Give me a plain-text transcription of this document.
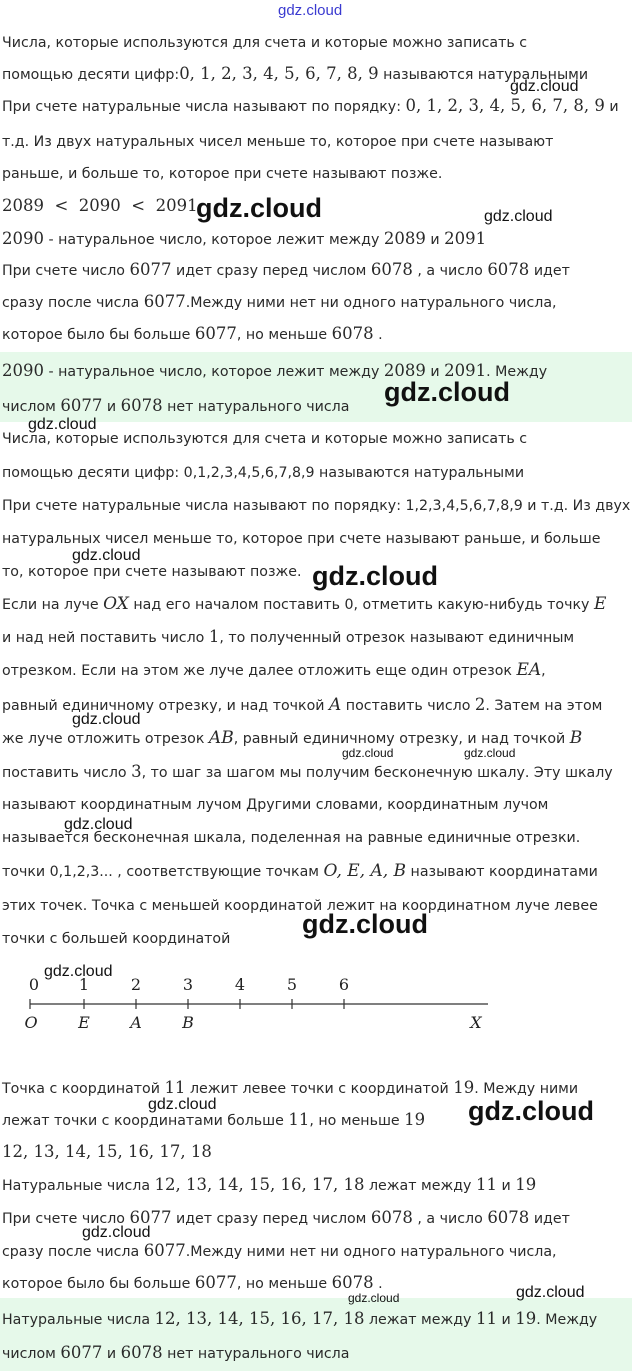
gdz.cloud
Числа, которые используются для счета и которые можно записать с
помощью десяти цифр:0, 1, 2, 3, 4, 5, 6, 7, 8, 9 называются натуральными
При счете натуральные числа называют по порядку: 0, 1, 2, 3, 4, 5, 6, 7, 8, 9 и
т.д. Из двух натуральных чисел меньше то, которое при счете называют
раньше, и больше то, которое при счете называют позже.
2089  <  2090  <  2091
2090 - натуральное число, которое лежит между 2089 и 2091
При счете число 6077 идет сразу перед числом 6078 , а число 6078 идет
сразу после числа 6077.Между ними нет ни одного натурального числа,
которое было бы больше 6077, но меньше 6078 .
2090 - натуральное число, которое лежит между 2089 и 2091. Между
числом 6077 и 6078 нет натурального числа
Числа, которые используются для счета и которые можно записать с
помощью десяти цифр: 0,1,2,3,4,5,6,7,8,9 называются натуральными
При счете натуральные числа называют по порядку: 1,2,3,4,5,6,7,8,9 и т.д. Из двух
натуральных чисел меньше то, которое при счете называют раньше, и больше
то, которое при счете называют позже.
Если на луче OX над его началом поставить 0, отметить какую-нибудь точку E
и над ней поставить число 1, то полученный отрезок называют единичным
отрезком. Если на этом же луче далее отложить еще один отрезок EA,
равный единичному отрезку, и над точкой A поставить число 2. Затем на этом
же луче отложить отрезок AB, равный единичному отрезку, и над точкой B
поставить число 3, то шаг за шагом мы получим бесконечную шкалу. Эту шкалу
называют координатным лучом Другими словами, координатным лучом
называется бесконечная шкала, поделенная на равные единичные отрезки.
точки 0,1,2,3... , соответствующие точкам O, E, A, B называют координатами
этих точек. Точка с меньшей координатой лежит на координатном луче левее
точки с большей координатой
0 1	2	3	4	5	6
O	E	A	B	X
Точка с координатой 11 лежит левее точки с координатой 19. Между ними
лежат точки с координатами больше 11, но меньше 19
12, 13, 14, 15, 16, 17, 18
Натуральные числа 12, 13, 14, 15, 16, 17, 18 лежат между 11 и 19
При счете число 6077 идет сразу перед числом 6078 , а число 6078 идет
сразу после числа 6077.Между ними нет ни одного натурального числа,
которое было бы больше 6077, но меньше 6078 .
Натуральные числа 12, 13, 14, 15, 16, 17, 18 лежат между 11 и 19. Между
числом 6077 и 6078 нет натурального числа
gdz.cloud
gdz.cloud	gdz.cloud
gdz.cloud
gdz.cloud
gdz.cloud
gdz.cloud
gdz.cloud
gdz.cloud	gdz.cloud
gdz.cloud
gdz.cloud
gdz.cloud
gdz.cloud	gdz.cloud
gdz.cloud
gdz.cloud
gdz.cloud
